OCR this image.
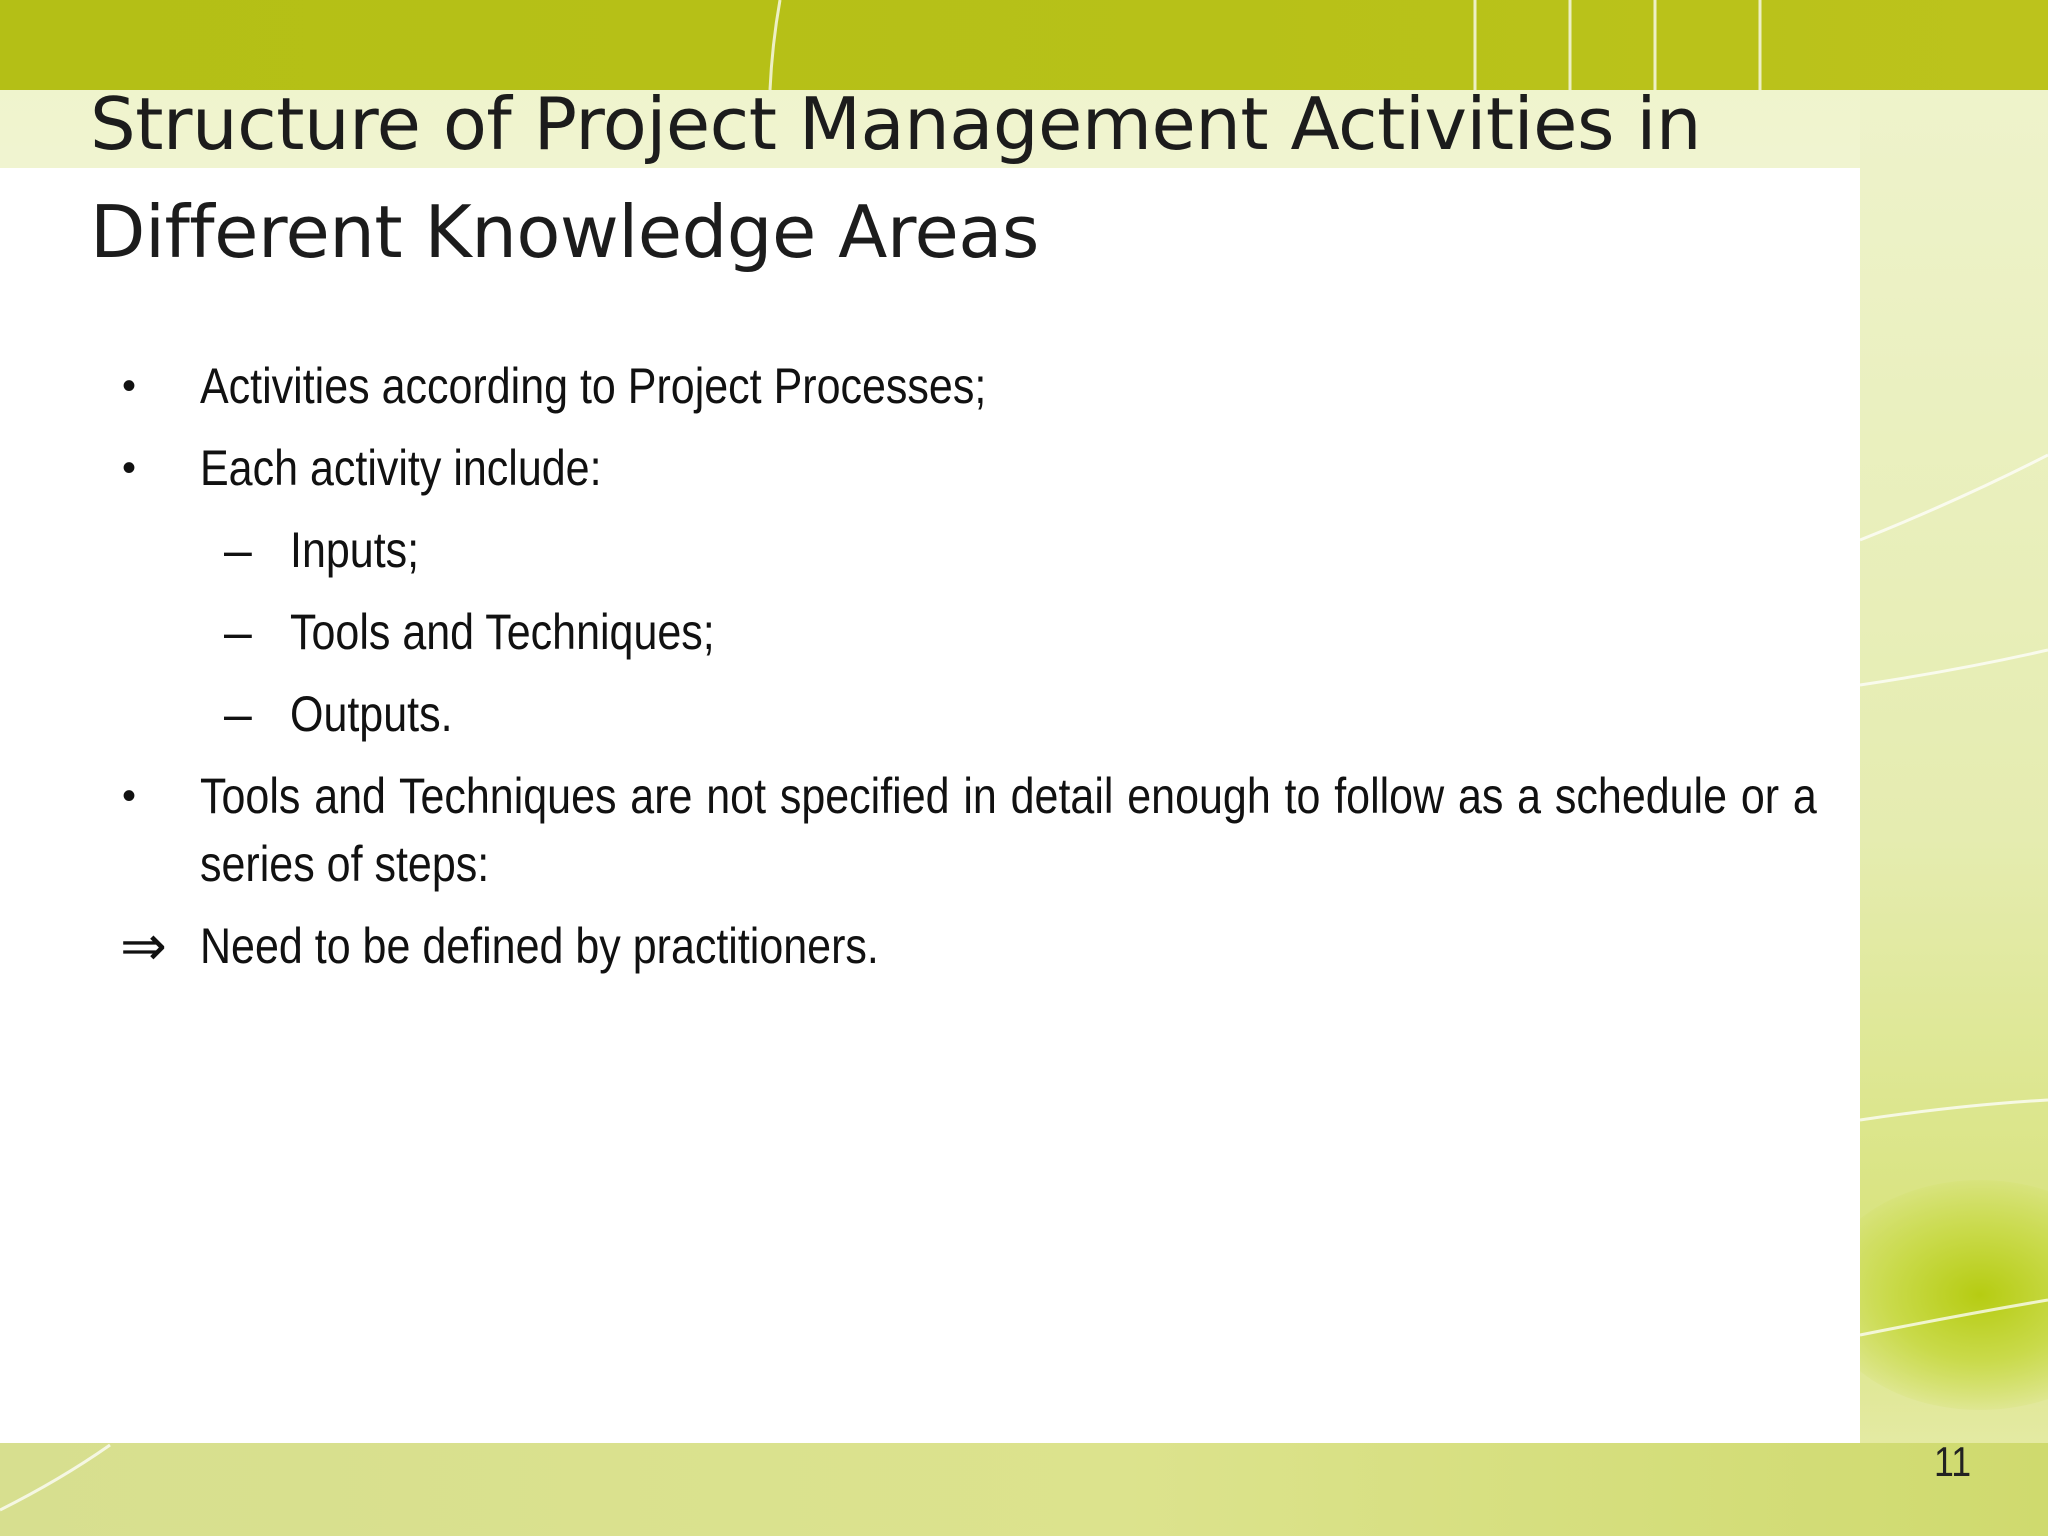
Structure of Project Management Activities in Different Knowledge Areas
• Activities according to Project Processes;
• Each activity include:
– Inputs;
– Tools and Techniques;
– Outputs.
• Tools and Techniques are not specified in detail enough to follow as a schedule or a series of steps:
⇒ Need to be defined by practitioners.
11
